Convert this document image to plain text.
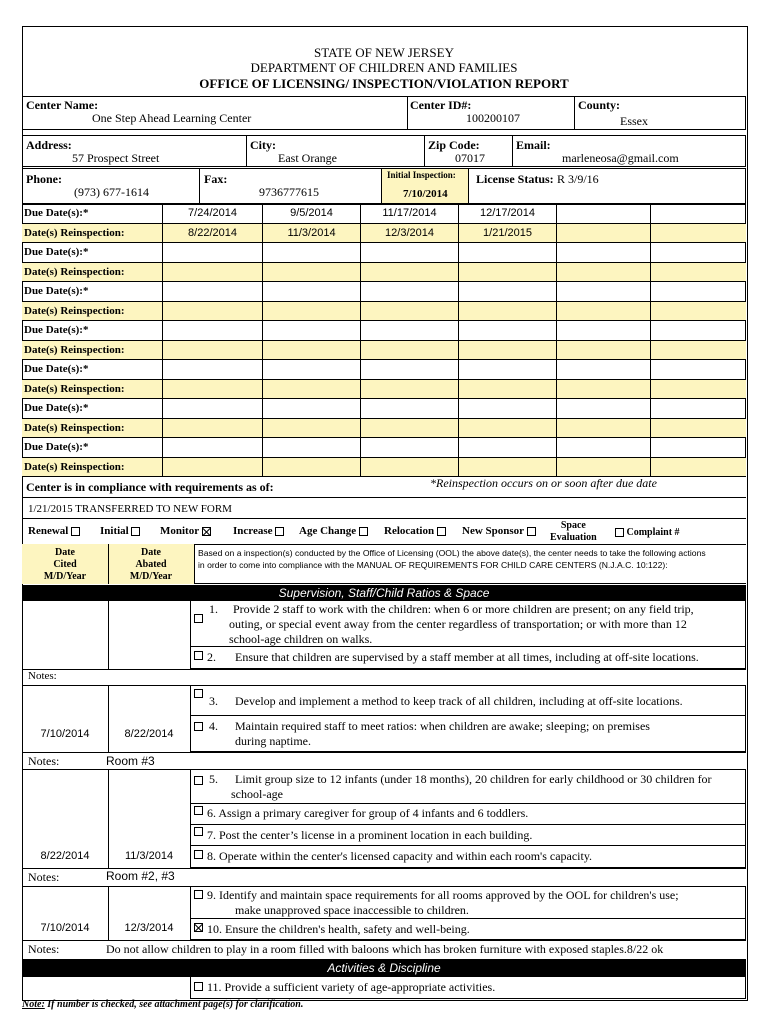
STATE OF NEW JERSEY
DEPARTMENT OF CHILDREN AND FAMILIES
OFFICE OF LICENSING/ INSPECTION/VIOLATION REPORT
Center Name:
One Step Ahead Learning Center
Center ID#:
100200107
County:
Essex
Address:
57 Prospect Street
City:
East Orange
Zip Code:
07017
Email:
marleneosa@gmail.com
Phone:
(973) 677-1614
Fax:
9736777615
Initial Inspection:
7/10/2014
License Status: R 3/9/16
Due Date(s):*	7/24/2014	9/5/2014	11/17/2014	12/17/2014
Date(s) Reinspection:	8/22/2014	11/3/2014	12/3/2014	1/21/2015
Due Date(s):*
Date(s) Reinspection:
Due Date(s):*
Date(s) Reinspection:
Due Date(s):*
Date(s) Reinspection:
Due Date(s):*
Date(s) Reinspection:
Due Date(s):*
Date(s) Reinspection:
Due Date(s):*
Date(s) Reinspection:
Center is in compliance with requirements as of:	*Reinspection occurs on or soon after due date
1/21/2015 TRANSFERRED TO NEW FORM
Renewal	Initial	Monitor	Increase	Age Change	Relocation	New Sponsor	Space
Evaluation	Complaint #
Date
Cited
M/D/Year
Date
Abated
M/D/Year
Based on a inspection(s) conducted by the Office of Licensing (OOL) the above date(s), the center needs to take the following actions
in order to come into compliance with the MANUAL OF REQUIREMENTS FOR CHILD CARE CENTERS (N.J.A.C. 10:122):
Supervision, Staff/Child Ratios & Space
1. Provide 2 staff to work with the children: when 6 or more children are present; on any field trip,
outing, or special event away from the center regardless of transportation; or with more than 12
school-age children on walks.
2. Ensure that children are supervised by a staff member at all times, including at off-site locations.
Notes:
3. Develop and implement a method to keep track of all children, including at off-site locations.
4. Maintain required staff to meet ratios: when children are awake; sleeping; on premises
during naptime.
7/10/2014	8/22/2014
Notes:	Room #3
5. Limit group size to 12 infants (under 18 months), 20 children for early childhood or 30 children for
school-age
6. Assign a primary caregiver for group of 4 infants and 6 toddlers.
7. Post the center’s license in a prominent location in each building.
8. Operate within the center's licensed capacity and within each room's capacity.
8/22/2014	11/3/2014
Notes:	Room #2, #3
9. Identify and maintain space requirements for all rooms approved by the OOL for children's use;
make unapproved space inaccessible to children.
10. Ensure the children's health, safety and well-being.
7/10/2014	12/3/2014
Notes:	Do not allow children to play in a room filled with baloons which has broken furniture with exposed staples.8/22 ok
Activities & Discipline
11. Provide a sufficient variety of age-appropriate activities.
Note: If number is checked, see attachment page(s) for clarification.
